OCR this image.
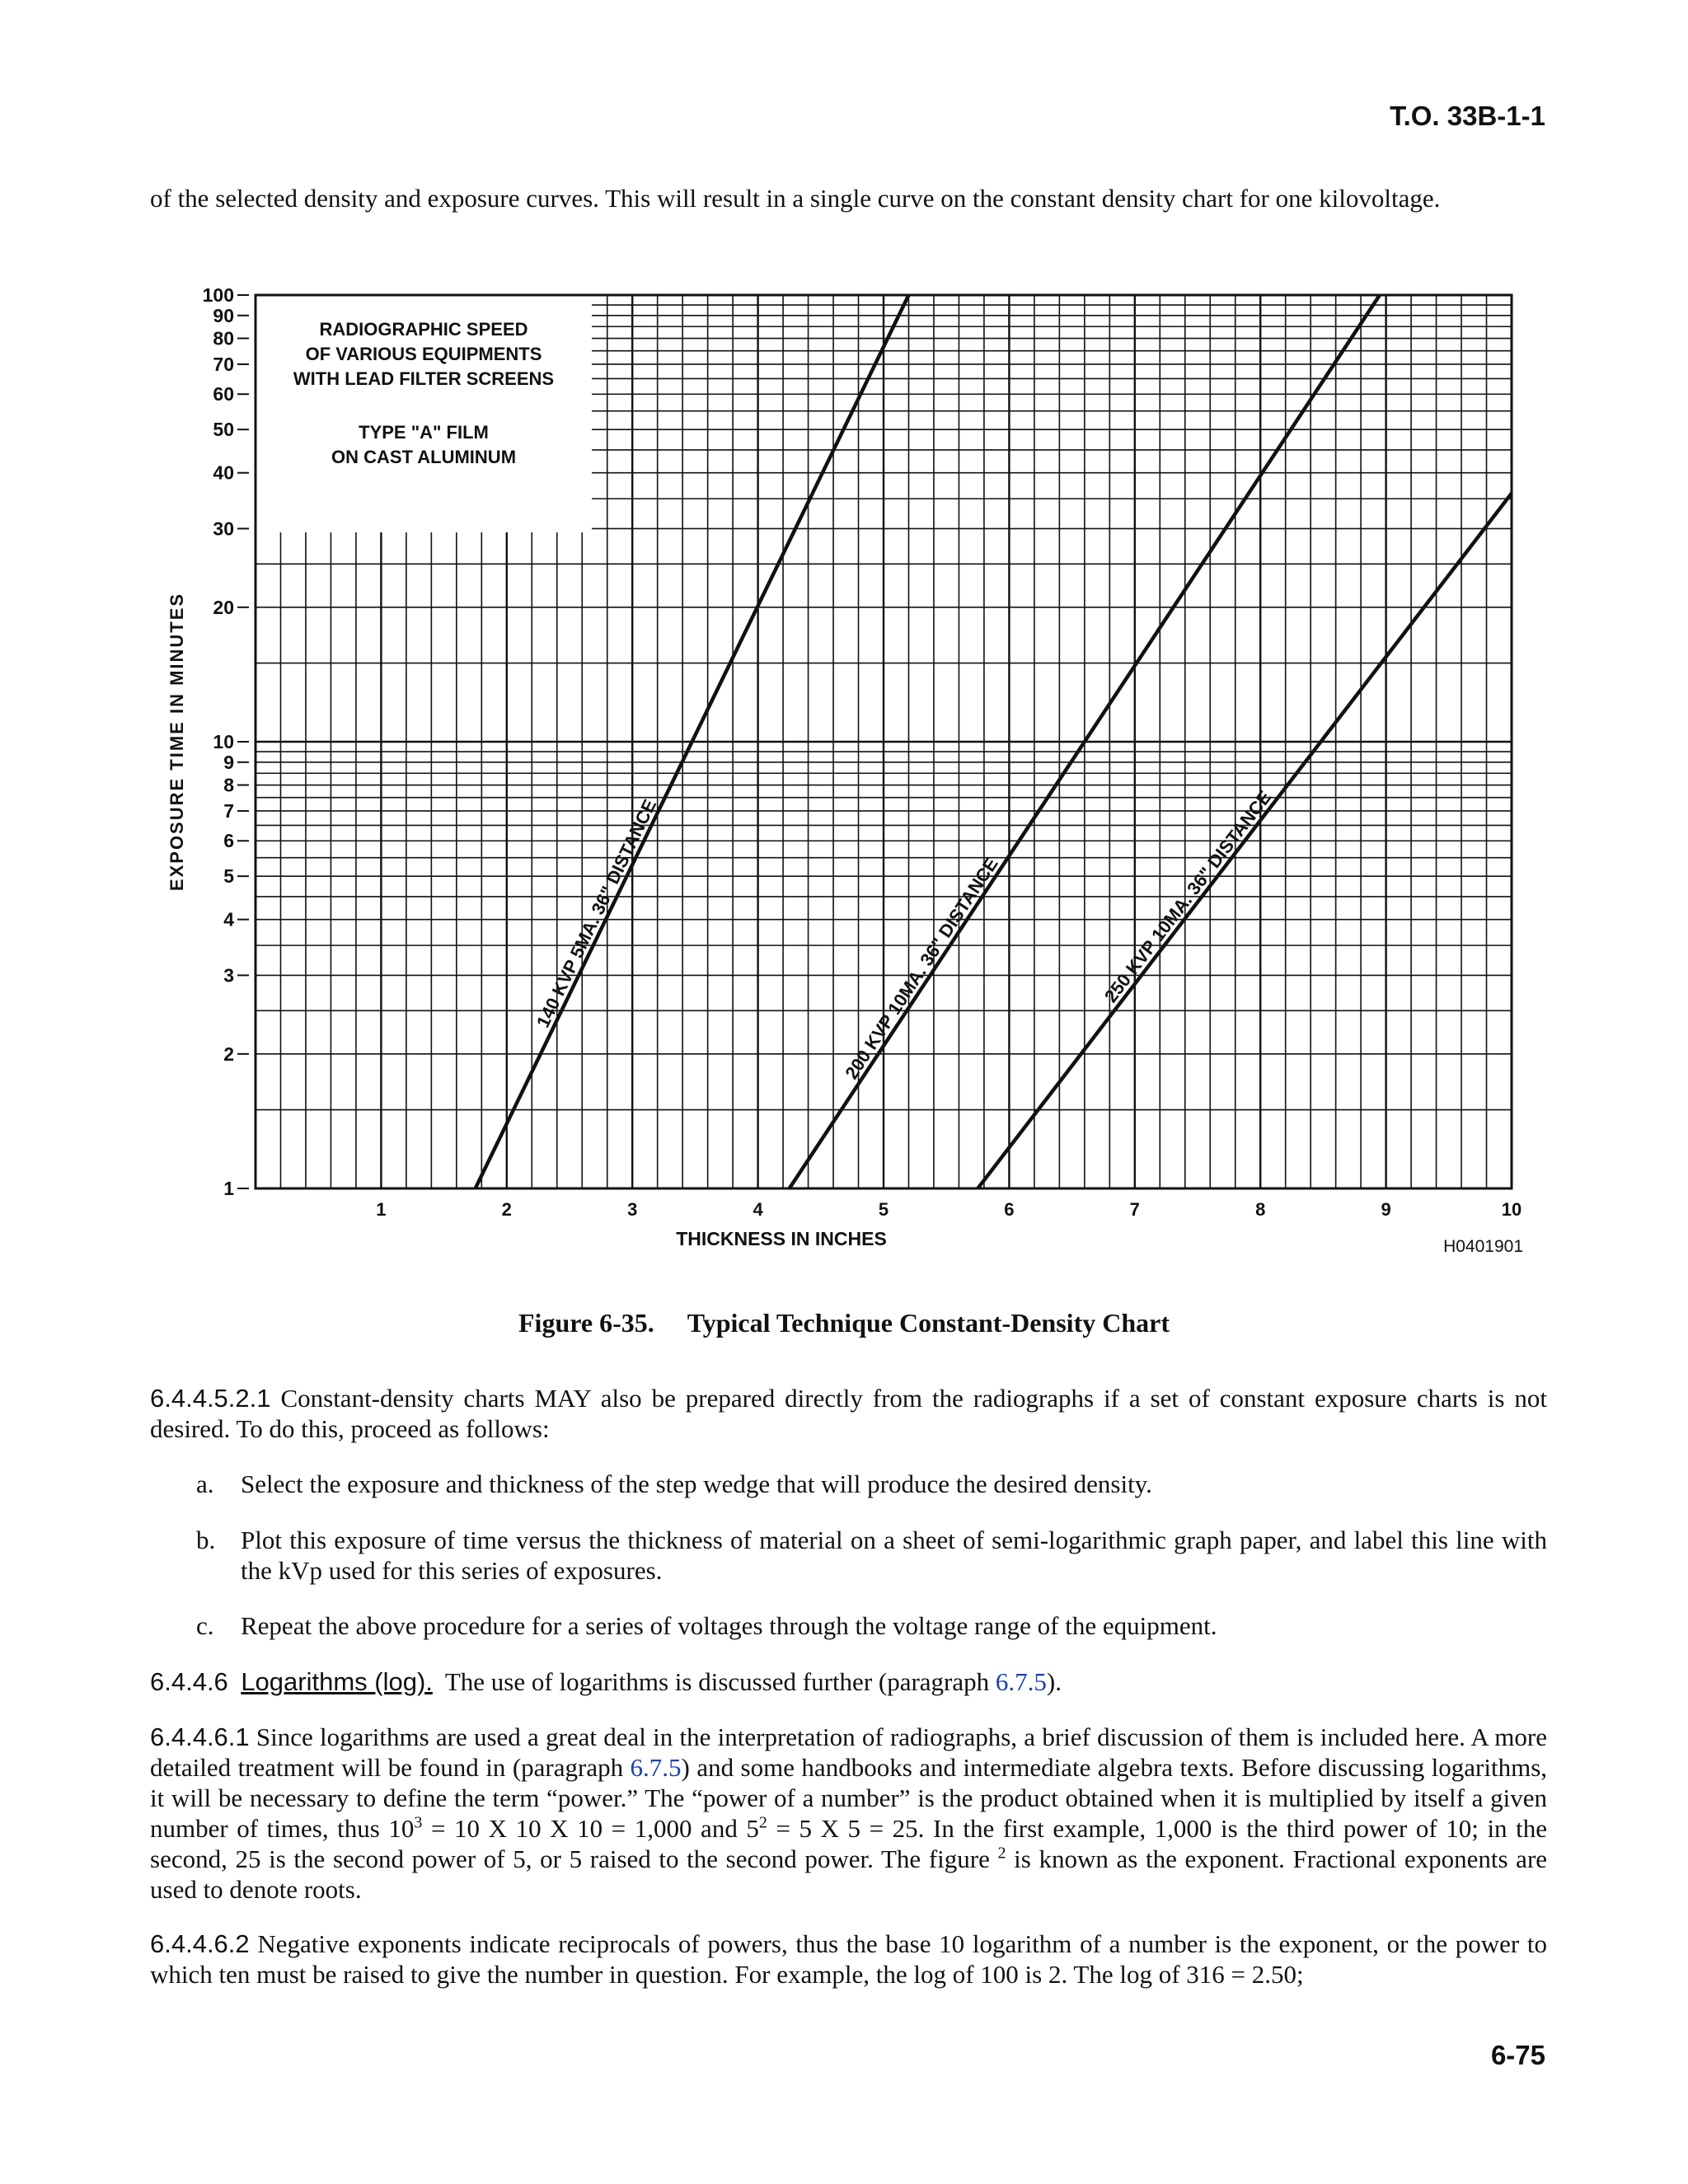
T.O. 33B-1-1
of the selected density and exposure curves. This will result in a single curve on the constant density chart for one kilovoltage.
RADIOGRAPHIC SPEED
OF VARIOUS EQUIPMENTS
WITH LEAD FILTER SCREENS
TYPE "A" FILM
ON CAST ALUMINUM
140 KVP 5MA. 36" DISTANCE	200 KVP 10MA. 36" DISTANCE	250 KVP 10MA. 36" DISTANCE
1	2	3	4	5	6	7	8	9	10
1
2
3
4
5
6
7
8
9
10
20
30
40
50
60
70
80
90
100
THICKNESS IN INCHES
EXPOSURE TIME IN MINUTES
H0401901
Figure 6-35. Typical Technique Constant-Density Chart
6.4.4.5.2.1 Constant-density charts MAY also be prepared directly from the radiographs if a set of constant exposure charts is not desired. To do this, proceed as follows:
a. Select the exposure and thickness of the step wedge that will produce the desired density.
b. Plot this exposure of time versus the thickness of material on a sheet of semi-logarithmic graph paper, and label this line with the kVp used for this series of exposures.
c. Repeat the above procedure for a series of voltages through the voltage range of the equipment.
6.4.4.6 Logarithms (log). The use of logarithms is discussed further (paragraph 6.7.5).
6.4.4.6.1 Since logarithms are used a great deal in the interpretation of radiographs, a brief discussion of them is included here. A more detailed treatment will be found in (paragraph 6.7.5) and some handbooks and intermediate algebra texts. Before discussing logarithms, it will be necessary to define the term “power.” The “power of a number” is the product obtained when it is multiplied by itself a given number of times, thus $10^3 = 10$ X 10 X 10 = 1,000 and $5^2 = 5$ X 5 = 25. In the first example, 1,000 is the third power of 10; in the second, 25 is the second power of 5, or 5 raised to the second power. The figure $^2$ is known as the exponent. Fractional exponents are used to denote roots.
6.4.4.6.2 Negative exponents indicate reciprocals of powers, thus the base 10 logarithm of a number is the exponent, or the power to which ten must be raised to give the number in question. For example, the log of 100 is 2. The log of 316 = 2.50;
6-75
